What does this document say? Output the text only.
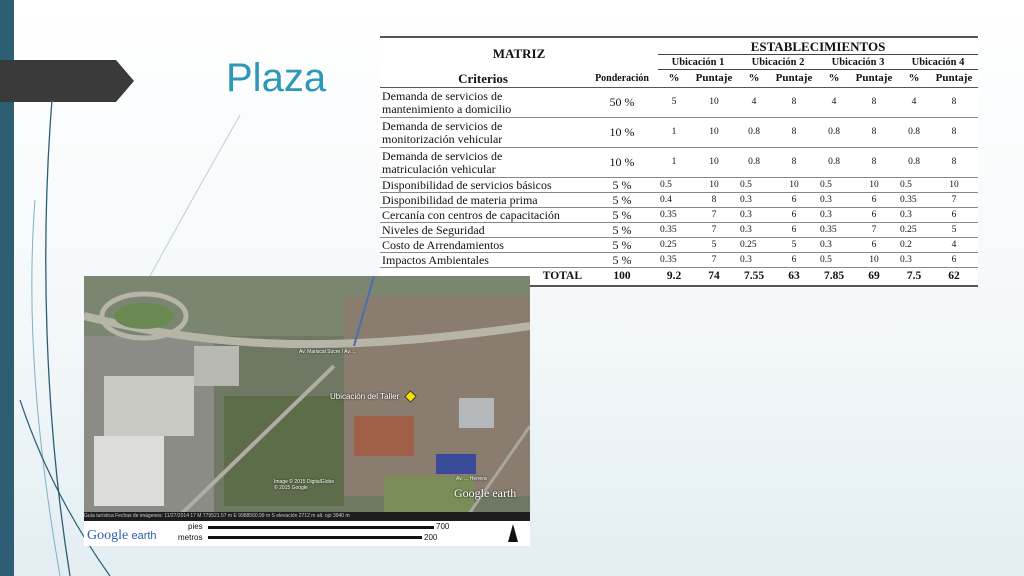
Plaza
MATRIZ		ESTABLECIMIENTOS							
		Ubicación 1		Ubicación 2		Ubicación 3		Ubicación 4	
Criterios	Ponderación	%	Puntaje	%	Puntaje	%	Puntaje	%	Puntaje

Demanda de servicios de
mantenimiento a domicilio	50 %	5	10	4	8	4	8	4	8

Demanda de servicios de
monitorización vehicular	10 %	1	10	0.8	8	0.8	8	0.8	8

Demanda de servicios de
matriculación vehicular	10 %	1	10	0.8	8	0.8	8	0.8	8

Disponibilidad de servicios básicos	5 %	0.5	10	0.5	10	0.5	10	0.5	10

Disponibilidad de materia prima	5 %	0.4	8	0.3	6	0.3	6	0.35	7

Cercanía con centros de capacitación	5 %	0.35	7	0.3	6	0.3	6	0.3	6

Niveles de Seguridad	5 %	0.35	7	0.3	6	0.35	7	0.25	5

Costo de Arrendamientos	5 %	0.25	5	0.25	5	0.3	6	0.2	4

Impactos Ambientales	5 %	0.35	7	0.3	6	0.5	10	0.3	6
TOTAL	100	9.2	74	7.55	63	7.85	69	7.5	62
Ubicación del Taller
Av. Mariscal Sucre / Av. ...
Av. ... Herrera
Image © 2015 DigitalGlobe
© 2015 Google	Google earth
Guía turística Fechas de imágenes: 11/27/2014 17 M 779521.57 m E 9988560.99 m S elevación 2712 m alt. ojo 3940 m
Google earth
pies
metros
700
200
